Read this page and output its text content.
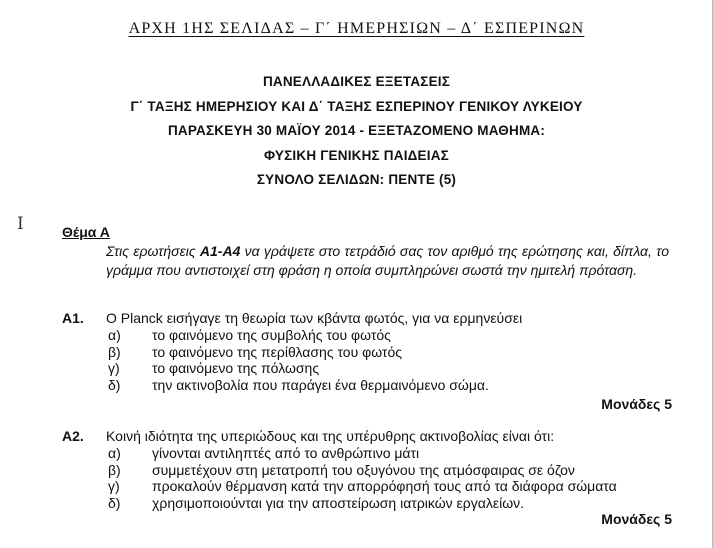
ΑΡΧΗ 1ΗΣ ΣΕΛΙΔΑΣ – Γ΄ ΗΜΕΡΗΣΙΩΝ – Δ΄ ΕΣΠΕΡΙΝΩΝ
ΠΑΝΕΛΛΑΔΙΚΕΣ ΕΞΕΤΑΣΕΙΣ
Γ΄ ΤΑΞΗΣ ΗΜΕΡΗΣΙΟΥ ΚΑΙ Δ΄ ΤΑΞΗΣ ΕΣΠΕΡΙΝΟΥ ΓΕΝΙΚΟΥ ΛΥΚΕΙΟΥ
ΠΑΡΑΣΚΕΥΗ 30 ΜΑΪΟΥ 2014 - ΕΞΕΤΑΖΟΜΕΝΟ ΜΑΘΗΜΑ:
ΦΥΣΙΚΗ ΓΕΝΙΚΗΣ ΠΑΙΔΕΙΑΣ
ΣΥΝΟΛΟ ΣΕΛΙΔΩΝ: ΠΕΝΤΕ (5)
I	Θέμα Α
Στις ερωτήσεις Α1-Α4 να γράψετε στο τετράδιό σας τον αριθμό της ερώτησης και, δίπλα, το γράμμα που αντιστοιχεί στη φράση η οποία συμπληρώνει σωστά την ημιτελή πρόταση.
Α1.	Ο Planck εισήγαγε τη θεωρία των κβάντα φωτός, για να ερμηνεύσει
α)	το φαινόμενο της συμβολής του φωτός
β)	το φαινόμενο της περίθλασης του φωτός
γ)	το φαινόμενο της πόλωσης
δ)	την ακτινοβολία που παράγει ένα θερμαινόμενο σώμα.
Μονάδες 5
Α2.	Κοινή ιδιότητα της υπεριώδους και της υπέρυθρης ακτινοβολίας είναι ότι:
α)	γίνονται αντιληπτές από το ανθρώπινο μάτι
β)	συμμετέχουν στη μετατροπή του οξυγόνου της ατμόσφαιρας σε όζον
γ)	προκαλούν θέρμανση κατά την απορρόφησή τους από τα διάφορα σώματα
δ)	χρησιμοποιούνται για την αποστείρωση ιατρικών εργαλείων.
Μονάδες 5
